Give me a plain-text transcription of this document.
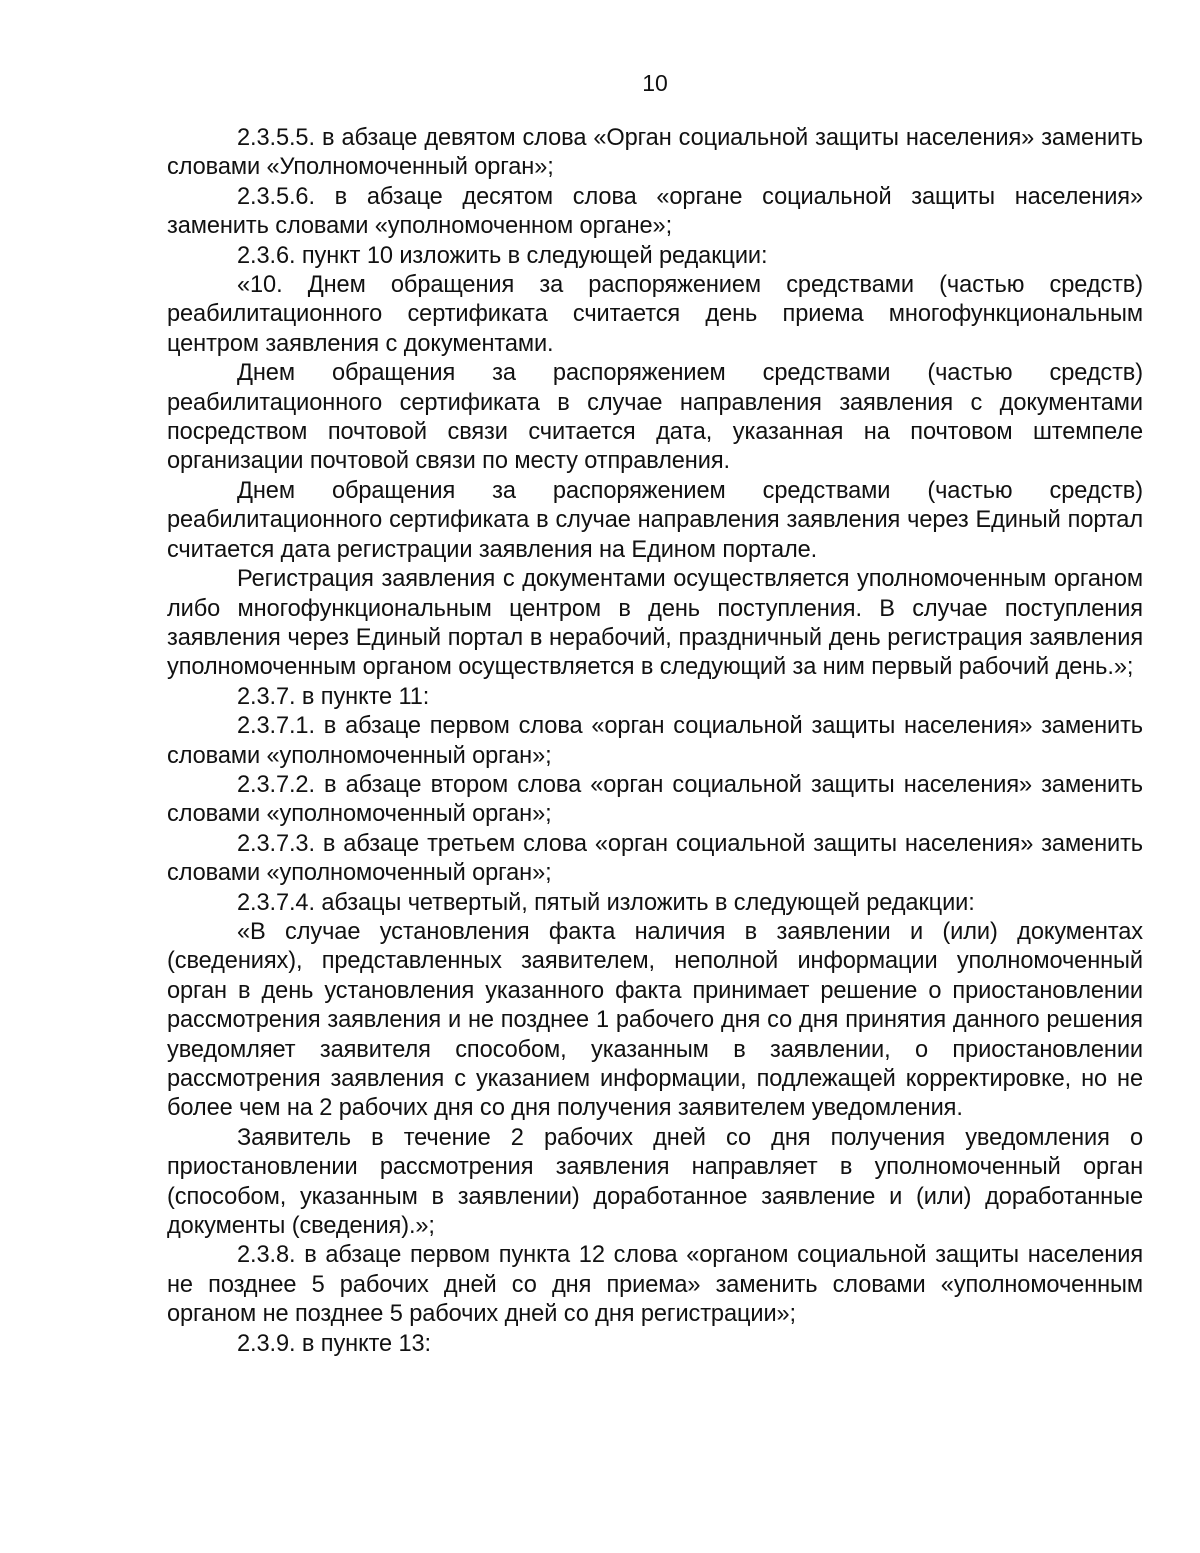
10

2.3.5.5. в абзаце девятом слова «Орган социальной защиты населения» заменить словами «Уполномоченный орган»;

2.3.5.6. в абзаце десятом слова «органе социальной защиты населения» заменить словами «уполномоченном органе»;

2.3.6. пункт 10 изложить в следующей редакции:

«10. Днем обращения за распоряжением средствами (частью средств) реабилитационного сертификата считается день приема многофункциональным центром заявления с документами.

Днем обращения за распоряжением средствами (частью средств) реабилитационного сертификата в случае направления заявления с документами посредством почтовой связи считается дата, указанная на почтовом штемпеле организации почтовой связи по месту отправления.

Днем обращения за распоряжением средствами (частью средств) реабилитационного сертификата в случае направления заявления через Единый портал считается дата регистрации заявления на Едином портале.

Регистрация заявления с документами осуществляется уполномоченным органом либо многофункциональным центром в день поступления. В случае поступления заявления через Единый портал в нерабочий, праздничный день регистрация заявления уполномоченным органом осуществляется в следующий за ним первый рабочий день.»;

2.3.7. в пункте 11:

2.3.7.1. в абзаце первом слова «орган социальной защиты населения» заменить словами «уполномоченный орган»;

2.3.7.2. в абзаце втором слова «орган социальной защиты населения» заменить словами «уполномоченный орган»;

2.3.7.3. в абзаце третьем слова «орган социальной защиты населения» заменить словами «уполномоченный орган»;

2.3.7.4. абзацы четвертый, пятый изложить в следующей редакции:

«В случае установления факта наличия в заявлении и (или) документах (сведениях), представленных заявителем, неполной информации уполномоченный орган в день установления указанного факта принимает решение о приостановлении рассмотрения заявления и не позднее 1 рабочего дня со дня принятия данного решения уведомляет заявителя способом, указанным в заявлении, о приостановлении рассмотрения заявления с указанием информации, подлежащей корректировке, но не более чем на 2 рабочих дня со дня получения заявителем уведомления.

Заявитель в течение 2 рабочих дней со дня получения уведомления о приостановлении рассмотрения заявления направляет в уполномоченный орган (способом, указанным в заявлении) доработанное заявление и (или) доработанные документы (сведения).»;

2.3.8. в абзаце первом пункта 12 слова «органом социальной защиты населения не позднее 5 рабочих дней со дня приема» заменить словами «уполномоченным органом не позднее 5 рабочих дней со дня регистрации»;

2.3.9. в пункте 13:
